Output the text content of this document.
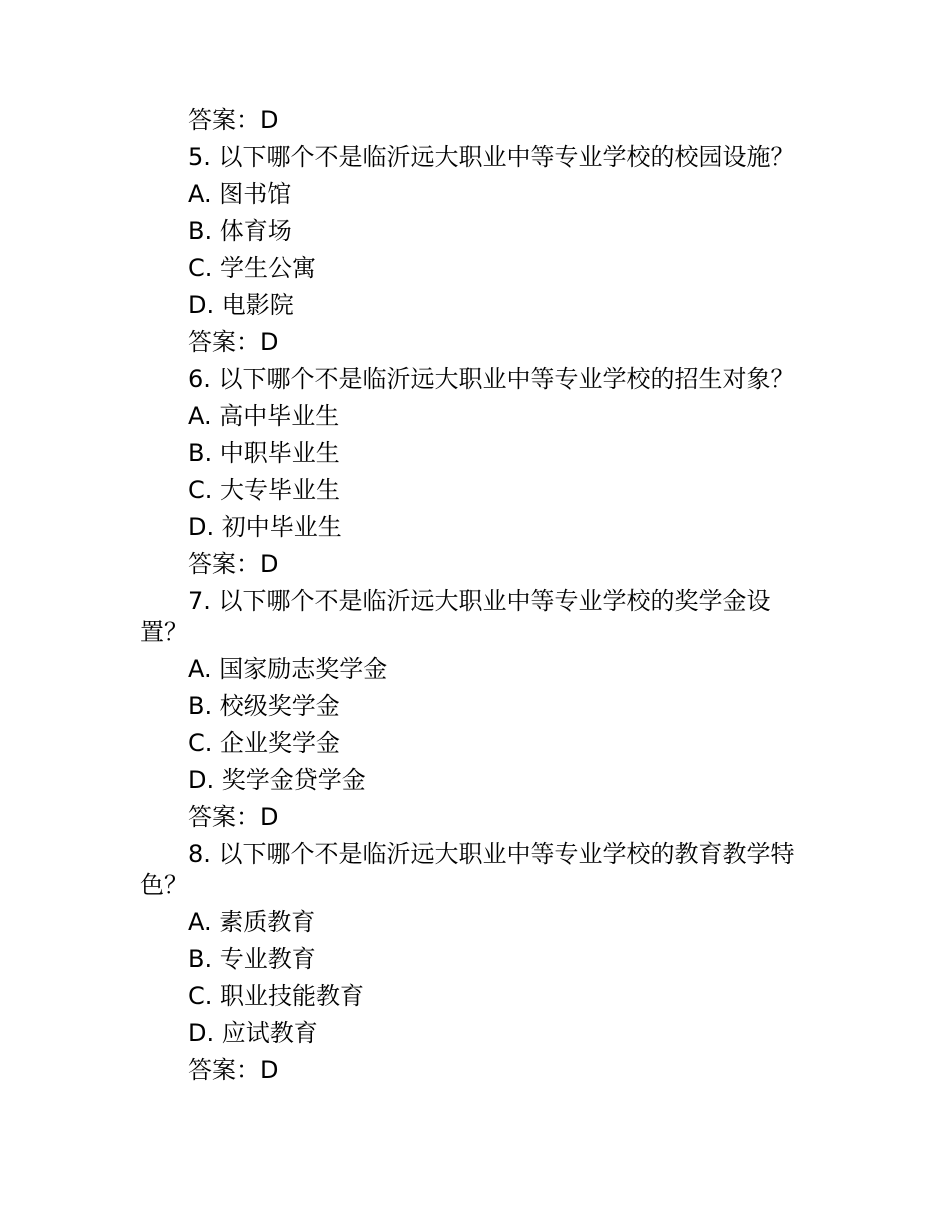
答案：D
5. 以下哪个不是临沂远大职业中等专业学校的校园设施？
A. 图书馆
B. 体育场
C. 学生公寓
D. 电影院
答案：D
6. 以下哪个不是临沂远大职业中等专业学校的招生对象？
A. 高中毕业生
B. 中职毕业生
C. 大专毕业生
D. 初中毕业生
答案：D
7. 以下哪个不是临沂远大职业中等专业学校的奖学金设置？
A. 国家励志奖学金
B. 校级奖学金
C. 企业奖学金
D. 奖学金贷学金
答案：D
8. 以下哪个不是临沂远大职业中等专业学校的教育教学特色？
A. 素质教育
B. 专业教育
C. 职业技能教育
D. 应试教育
答案：D
